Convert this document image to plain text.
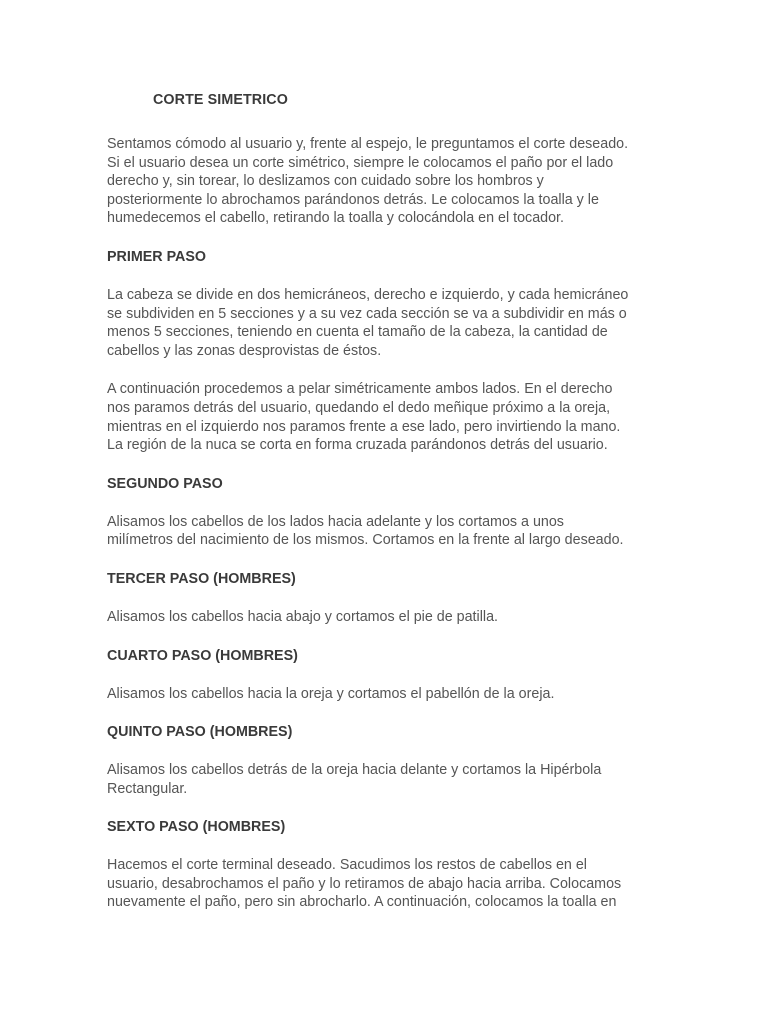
CORTE SIMETRICO

Sentamos cómodo al usuario y, frente al espejo, le preguntamos el corte deseado.
Si el usuario desea un corte simétrico, siempre le colocamos el paño por el lado
derecho y, sin torear, lo deslizamos con cuidado sobre los hombros y
posteriormente lo abrochamos parándonos detrás. Le colocamos la toalla y le
humedecemos el cabello, retirando la toalla y colocándola en el tocador.

PRIMER PASO

La cabeza se divide en dos hemicráneos, derecho e izquierdo, y cada hemicráneo
se subdividen en 5 secciones y a su vez cada sección se va a subdividir en más o
menos 5 secciones, teniendo en cuenta el tamaño de la cabeza, la cantidad de
cabellos y las zonas desprovistas de éstos.

A continuación procedemos a pelar simétricamente ambos lados. En el derecho
nos paramos detrás del usuario, quedando el dedo meñique próximo a la oreja,
mientras en el izquierdo nos paramos frente a ese lado, pero invirtiendo la mano.
La región de la nuca se corta en forma cruzada parándonos detrás del usuario.

SEGUNDO PASO

Alisamos los cabellos de los lados hacia adelante y los cortamos a unos
milímetros del nacimiento de los mismos. Cortamos en la frente al largo deseado.

TERCER PASO (HOMBRES)

Alisamos los cabellos hacia abajo y cortamos el pie de patilla.

CUARTO PASO (HOMBRES)

Alisamos los cabellos hacia la oreja y cortamos el pabellón de la oreja.

QUINTO PASO (HOMBRES)

Alisamos los cabellos detrás de la oreja hacia delante y cortamos la Hipérbola
Rectangular.

SEXTO PASO (HOMBRES)

Hacemos el corte terminal deseado. Sacudimos los restos de cabellos en el
usuario, desabrochamos el paño y lo retiramos de abajo hacia arriba. Colocamos
nuevamente el paño, pero sin abrocharlo. A continuación, colocamos la toalla en
